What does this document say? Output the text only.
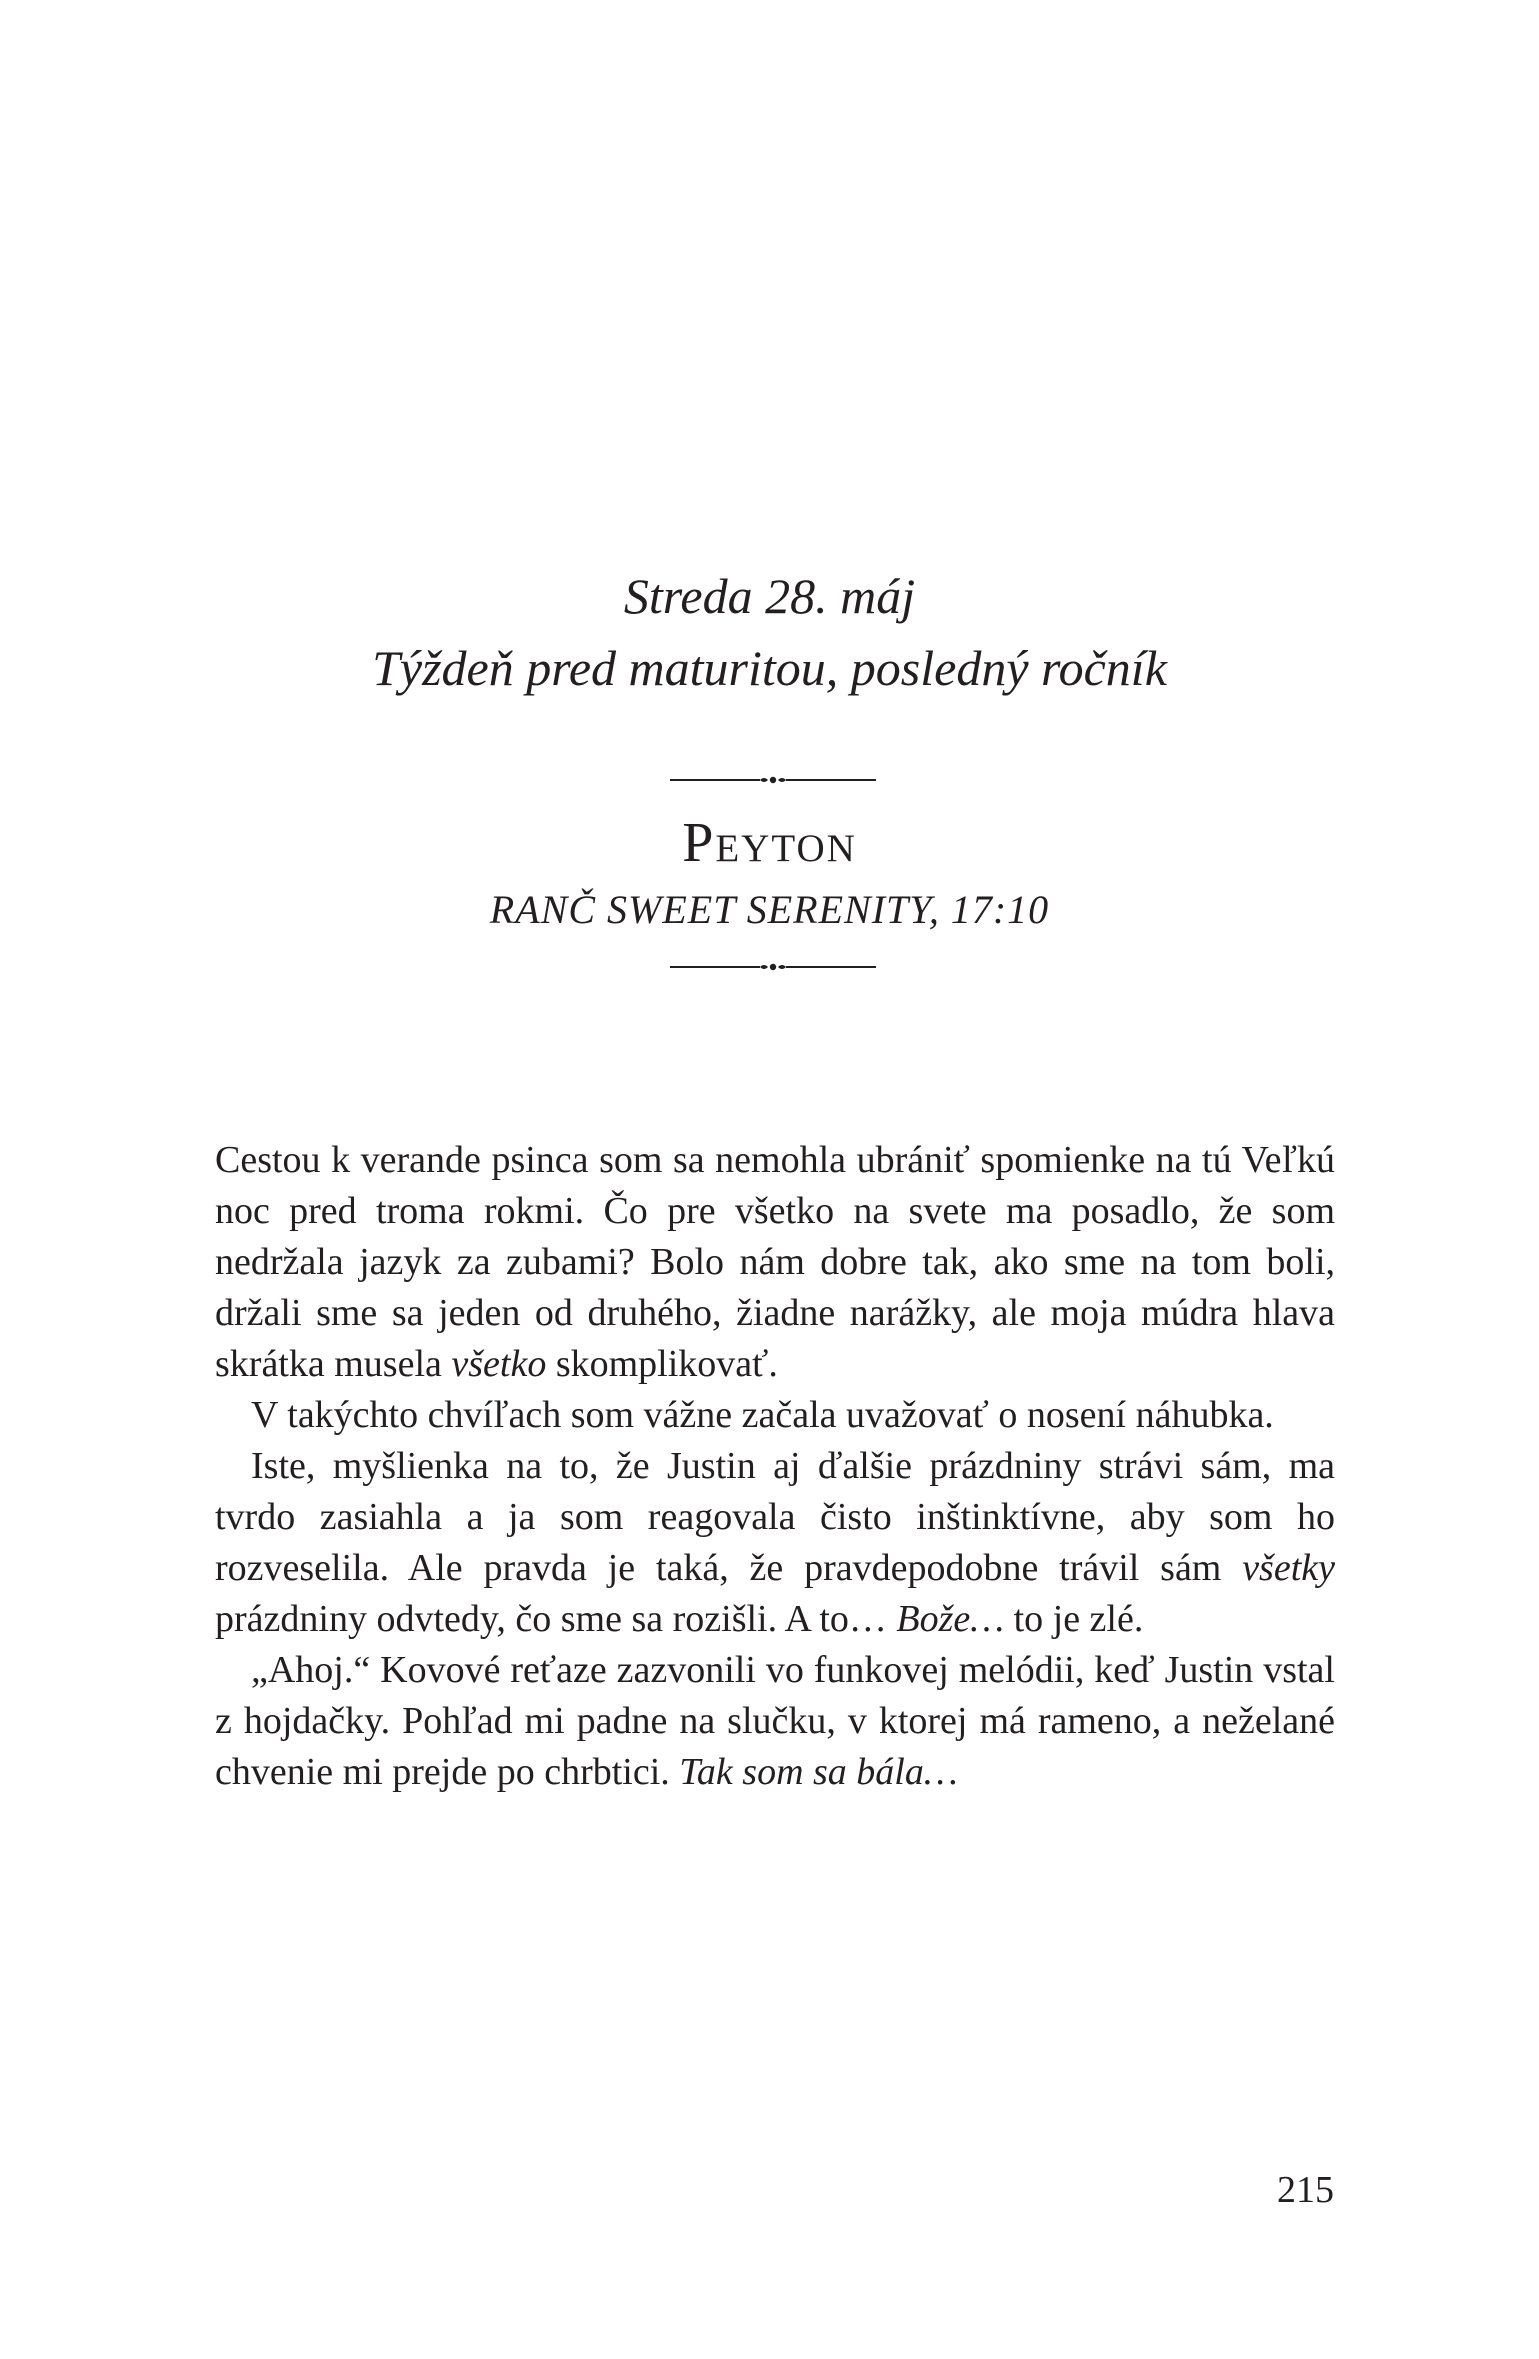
Streda 28. máj
Týždeň pred maturitou, posledný ročník
Peyton
RANČ SWEET SERENITY, 17:10

Cestou k verande psinca som sa nemohla ubrániť spomienke na tú Veľkú noc pred troma rokmi. Čo pre všetko na svete ma posadlo, že som nedržala jazyk za zubami? Bolo nám dobre tak, ako sme na tom boli, držali sme sa jeden od druhého, žiadne narážky, ale moja múdra hlava skrátka musela všetko skomplikovať.

V takýchto chvíľach som vážne začala uvažovať o nosení náhubka.

Iste, myšlienka na to, že Justin aj ďalšie prázdniny strávi sám, ma tvrdo zasiahla a ja som reagovala čisto inštinktívne, aby som ho rozveselila. Ale pravda je taká, že pravdepodobne trávil sám všetky prázdniny odvtedy, čo sme sa rozišli. A to… Bože… to je zlé.

„Ahoj.“ Kovové reťaze zazvonili vo funkovej melódii, keď Justin vstal z hojdačky. Pohľad mi padne na slučku, v ktorej má rameno, a neželané chvenie mi prejde po chrbtici. Tak som sa bála…

215
